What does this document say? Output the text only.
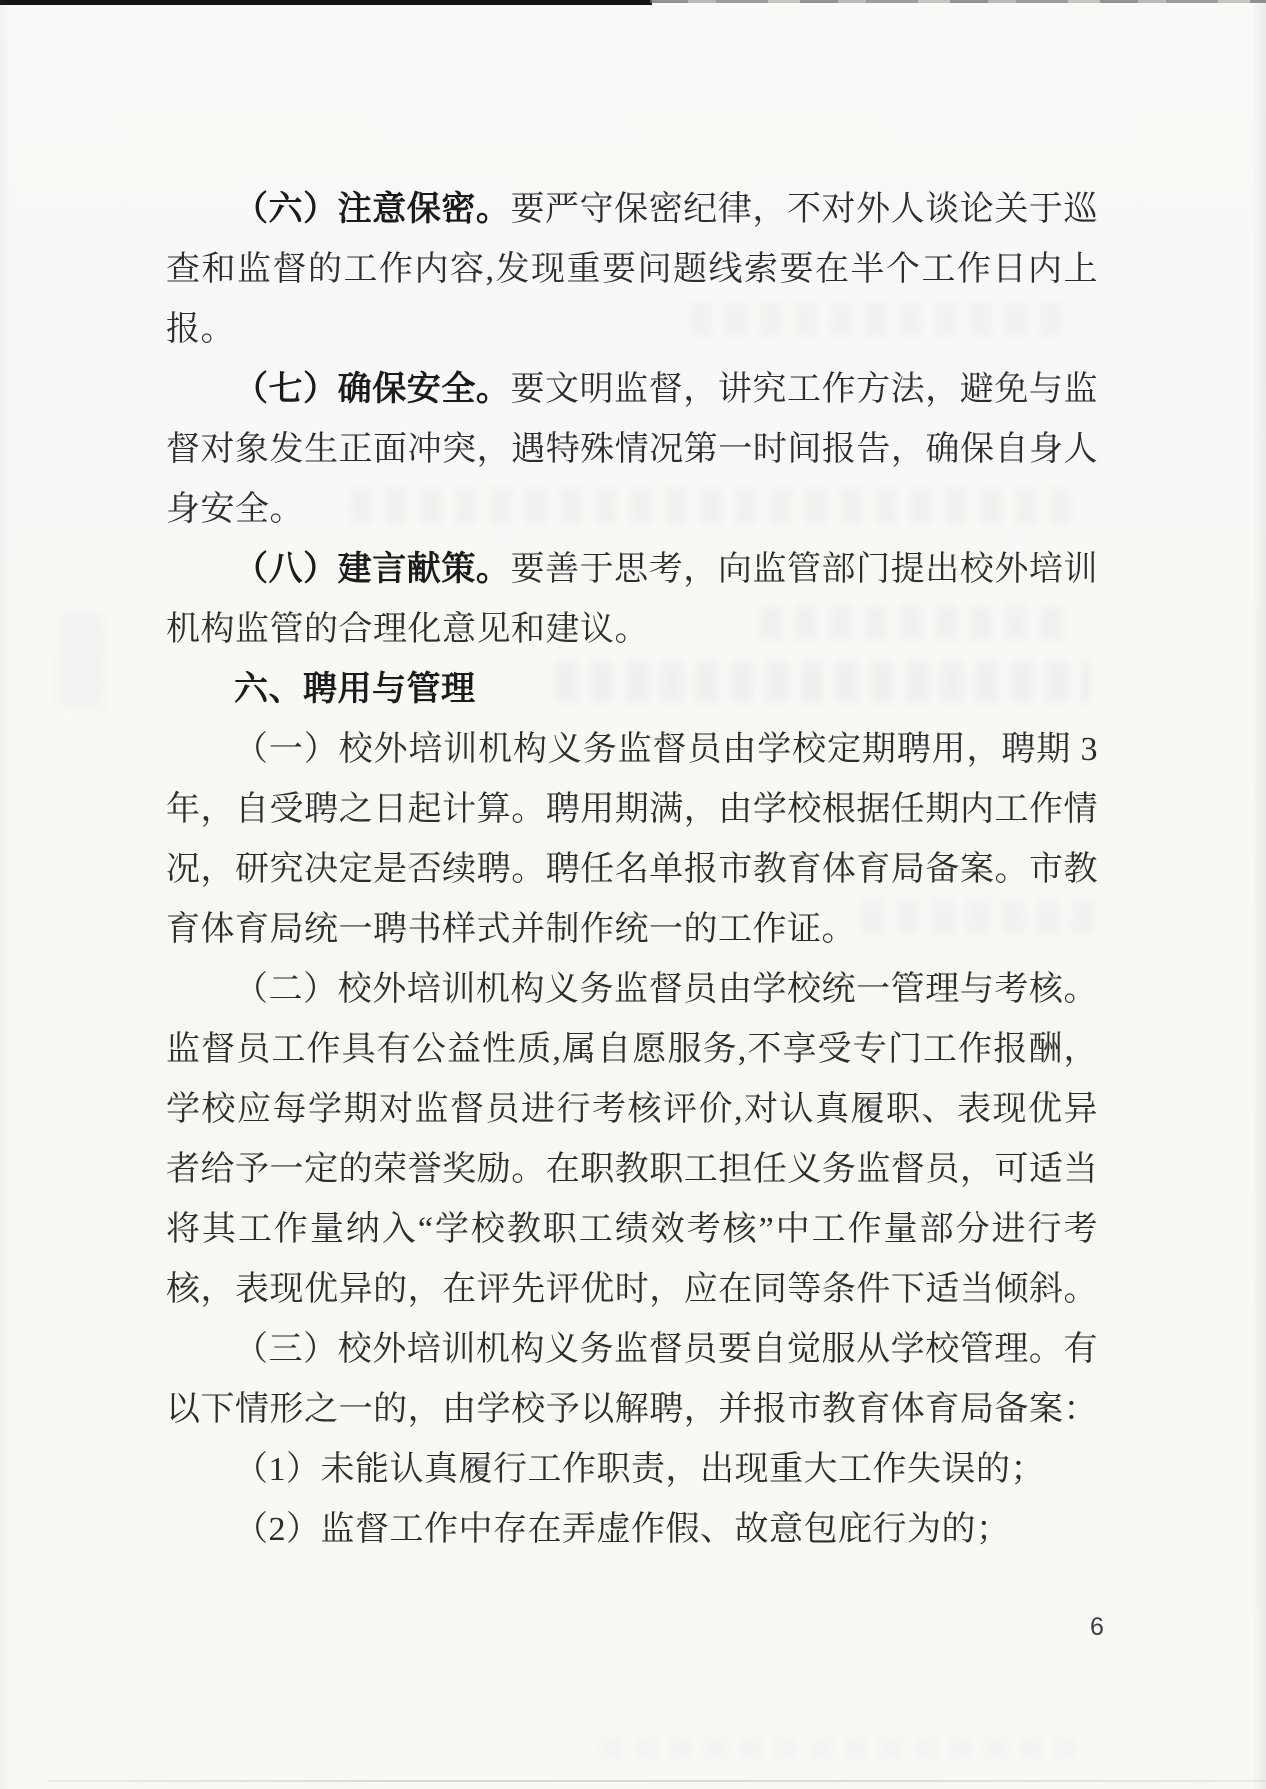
（六）注意保密。要严守保密纪律，不对外人谈论关于巡
查和监督的工作内容,发现重要问题线索要在半个工作日内上
报。
（七）确保安全。要文明监督，讲究工作方法，避免与监
督对象发生正面冲突，遇特殊情况第一时间报告，确保自身人
身安全。
（八）建言献策。要善于思考，向监管部门提出校外培训
机构监管的合理化意见和建议。
六、聘用与管理
（一）校外培训机构义务监督员由学校定期聘用，聘期 3
年，自受聘之日起计算。聘用期满，由学校根据任期内工作情
况，研究决定是否续聘。聘任名单报市教育体育局备案。市教
育体育局统一聘书样式并制作统一的工作证。
（二）校外培训机构义务监督员由学校统一管理与考核。
监督员工作具有公益性质,属自愿服务,不享受专门工作报酬，
学校应每学期对监督员进行考核评价,对认真履职、表现优异
者给予一定的荣誉奖励。在职教职工担任义务监督员，可适当
将其工作量纳入“学校教职工绩效考核”中工作量部分进行考
核，表现优异的，在评先评优时，应在同等条件下适当倾斜。
（三）校外培训机构义务监督员要自觉服从学校管理。有
以下情形之一的，由学校予以解聘，并报市教育体育局备案：
（1）未能认真履行工作职责，出现重大工作失误的；
（2）监督工作中存在弄虚作假、故意包庇行为的；
6
